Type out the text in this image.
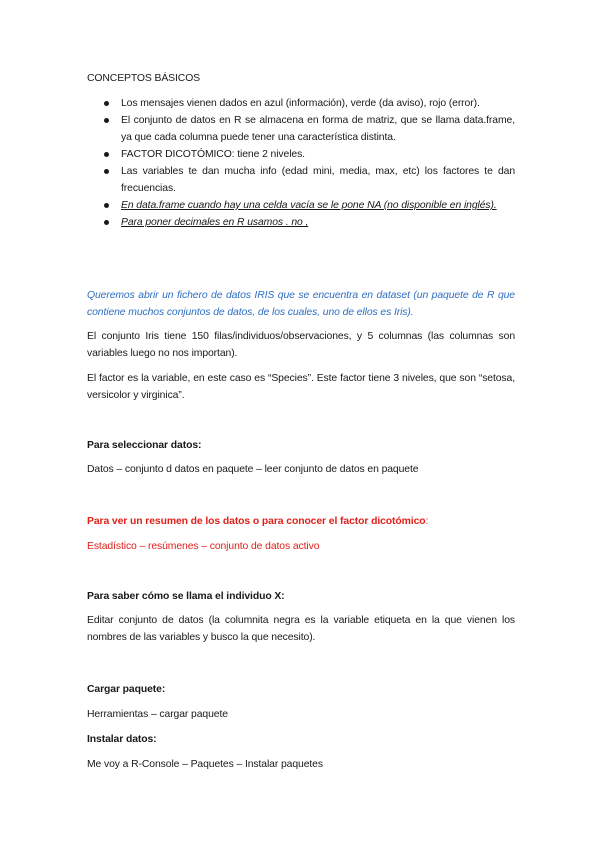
CONCEPTOS BÁSICOS
Los mensajes vienen dados en azul (información), verde (da aviso), rojo (error).
El conjunto de datos en R se almacena en forma de matriz, que se llama data.frame, ya que cada columna puede tener una característica distinta.
FACTOR DICOTÓMICO: tiene 2 niveles.
Las variables te dan mucha info (edad mini, media, max, etc) los factores te dan frecuencias.
En data.frame cuando hay una celda vacía se le pone NA (no disponible en inglés).
Para poner decimales en R usamos . no ,
Queremos abrir un fichero de datos IRIS que se encuentra en dataset (un paquete de R que contiene muchos conjuntos de datos, de los cuales, uno de ellos es Iris).
El conjunto Iris tiene 150 filas/individuos/observaciones, y 5 columnas (las columnas son variables luego no nos importan).
El factor es la variable, en este caso es “Species”. Este factor tiene 3 niveles, que son “setosa, versicolor y virginica”.
Para seleccionar datos:
Datos – conjunto d datos en paquete – leer conjunto de datos en paquete
Para ver un resumen de los datos o para conocer el factor dicotómico:
Estadístico – resúmenes – conjunto de datos activo
Para saber cómo se llama el individuo X:
Editar conjunto de datos (la columnita negra es la variable etiqueta en la que vienen los nombres de las variables y busco la que necesito).
Cargar paquete:
Herramientas – cargar paquete
Instalar datos:
Me voy a R-Console – Paquetes – Instalar paquetes
